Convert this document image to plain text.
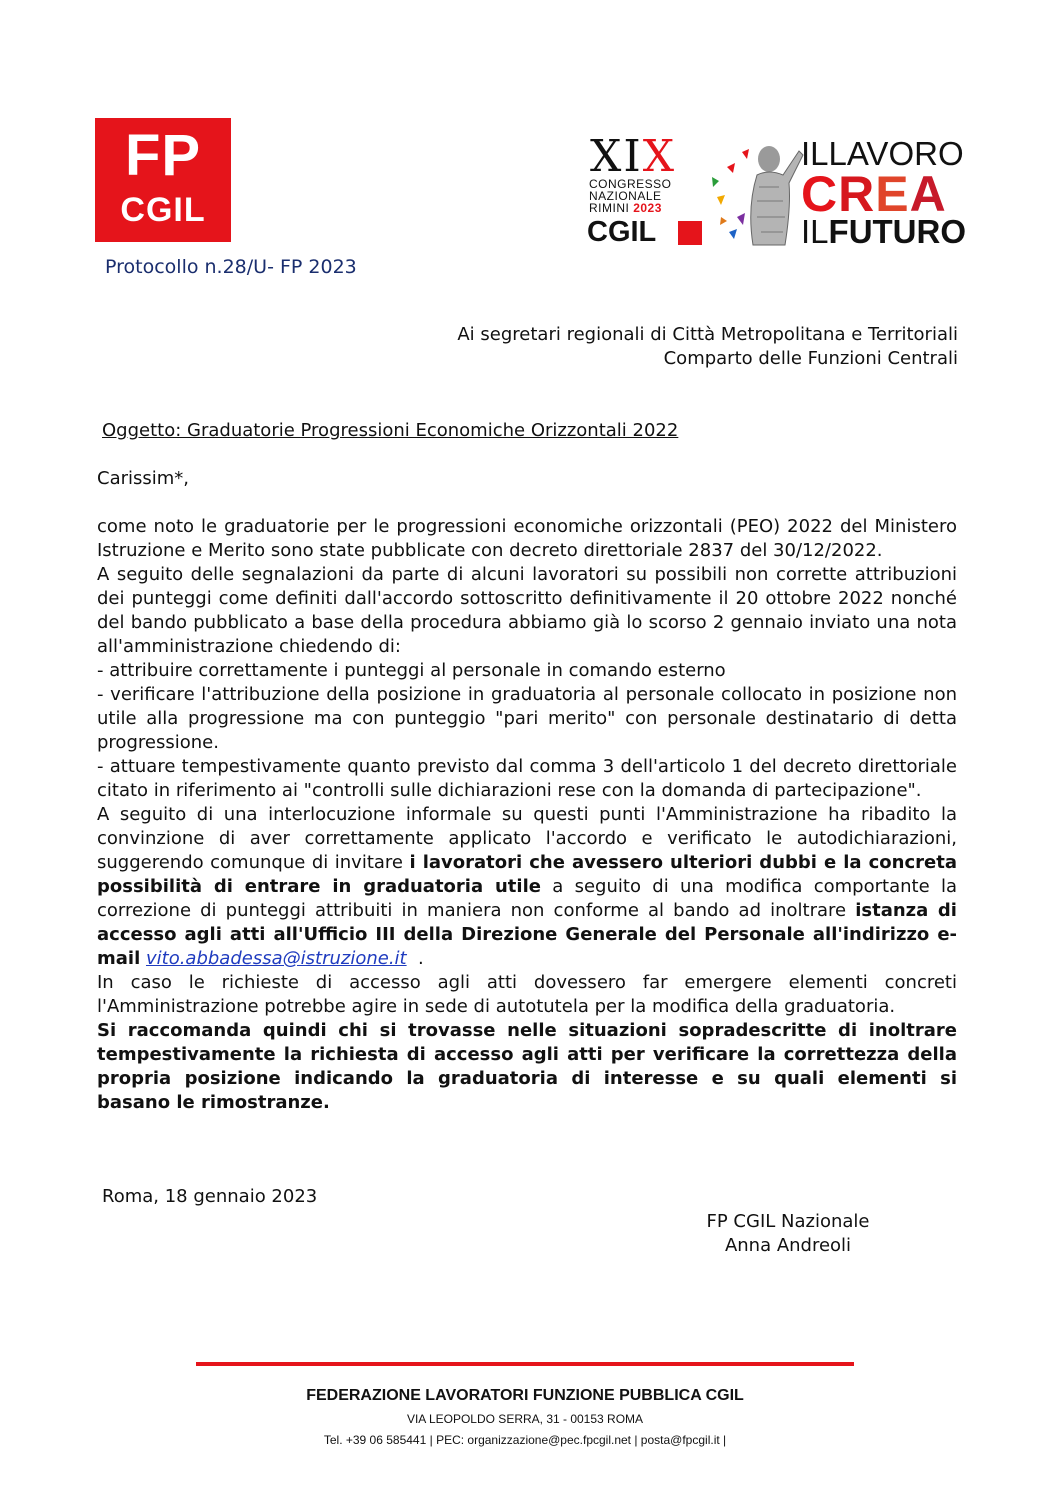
FP
CGIL
Protocollo n.28/U- FP 2023
XIX
CONGRESSO
NAZIONALE
RIMINI 2023
CGIL
ILLAVORO
CREA
ILFUTURO
Ai segretari regionali di Città Metropolitana e Territoriali
Comparto delle Funzioni Centrali
Oggetto: Graduatorie Progressioni Economiche Orizzontali 2022
Carissim*,

come noto le graduatorie per le progressioni economiche orizzontali (PEO) 2022 del Ministero Istruzione e Merito sono state pubblicate con decreto direttoriale 2837 del 30/12/2022.

A seguito delle segnalazioni da parte di alcuni lavoratori su possibili non corrette attribuzioni dei punteggi come definiti dall'accordo sottoscritto definitivamente il 20 ottobre 2022 nonché del bando pubblicato a base della procedura abbiamo già lo scorso 2 gennaio inviato una nota all'amministrazione chiedendo di:

- attribuire correttamente i punteggi al personale in comando esterno

- verificare l'attribuzione della posizione in graduatoria al personale collocato in posizione non utile alla progressione ma con punteggio "pari merito" con personale destinatario di detta progressione.

- attuare tempestivamente quanto previsto dal comma 3 dell'articolo 1 del decreto direttoriale citato in riferimento ai "controlli sulle dichiarazioni rese con la domanda di partecipazione".

A seguito di una interlocuzione informale su questi punti l'Amministrazione ha ribadito la convinzione di aver correttamente applicato l'accordo e verificato le autodichiarazioni, suggerendo comunque di invitare i lavoratori che avessero ulteriori dubbi e la concreta possibilità di entrare in graduatoria utile a seguito di una modifica comportante la correzione di punteggi attribuiti in maniera non conforme al bando ad inoltrare istanza di accesso agli atti all'Ufficio III della Direzione Generale del Personale all'indirizzo e-mail vito.abbadessa@istruzione.it  .

In caso le richieste di accesso agli atti dovessero far emergere elementi concreti l'Amministrazione potrebbe agire in sede di autotutela per la modifica della graduatoria.

Si raccomanda quindi chi si trovasse nelle situazioni sopradescritte di inoltrare tempestivamente la richiesta di accesso agli atti per verificare la correttezza della propria posizione indicando la graduatoria di interesse e su quali elementi si basano le rimostranze.

Roma, 18 gennaio 2023
FP CGIL Nazionale
Anna Andreoli
FEDERAZIONE LAVORATORI FUNZIONE PUBBLICA CGIL
VIA LEOPOLDO SERRA, 31 - 00153 ROMA
Tel. +39 06 585441 | PEC: organizzazione@pec.fpcgil.net | posta@fpcgil.it |
